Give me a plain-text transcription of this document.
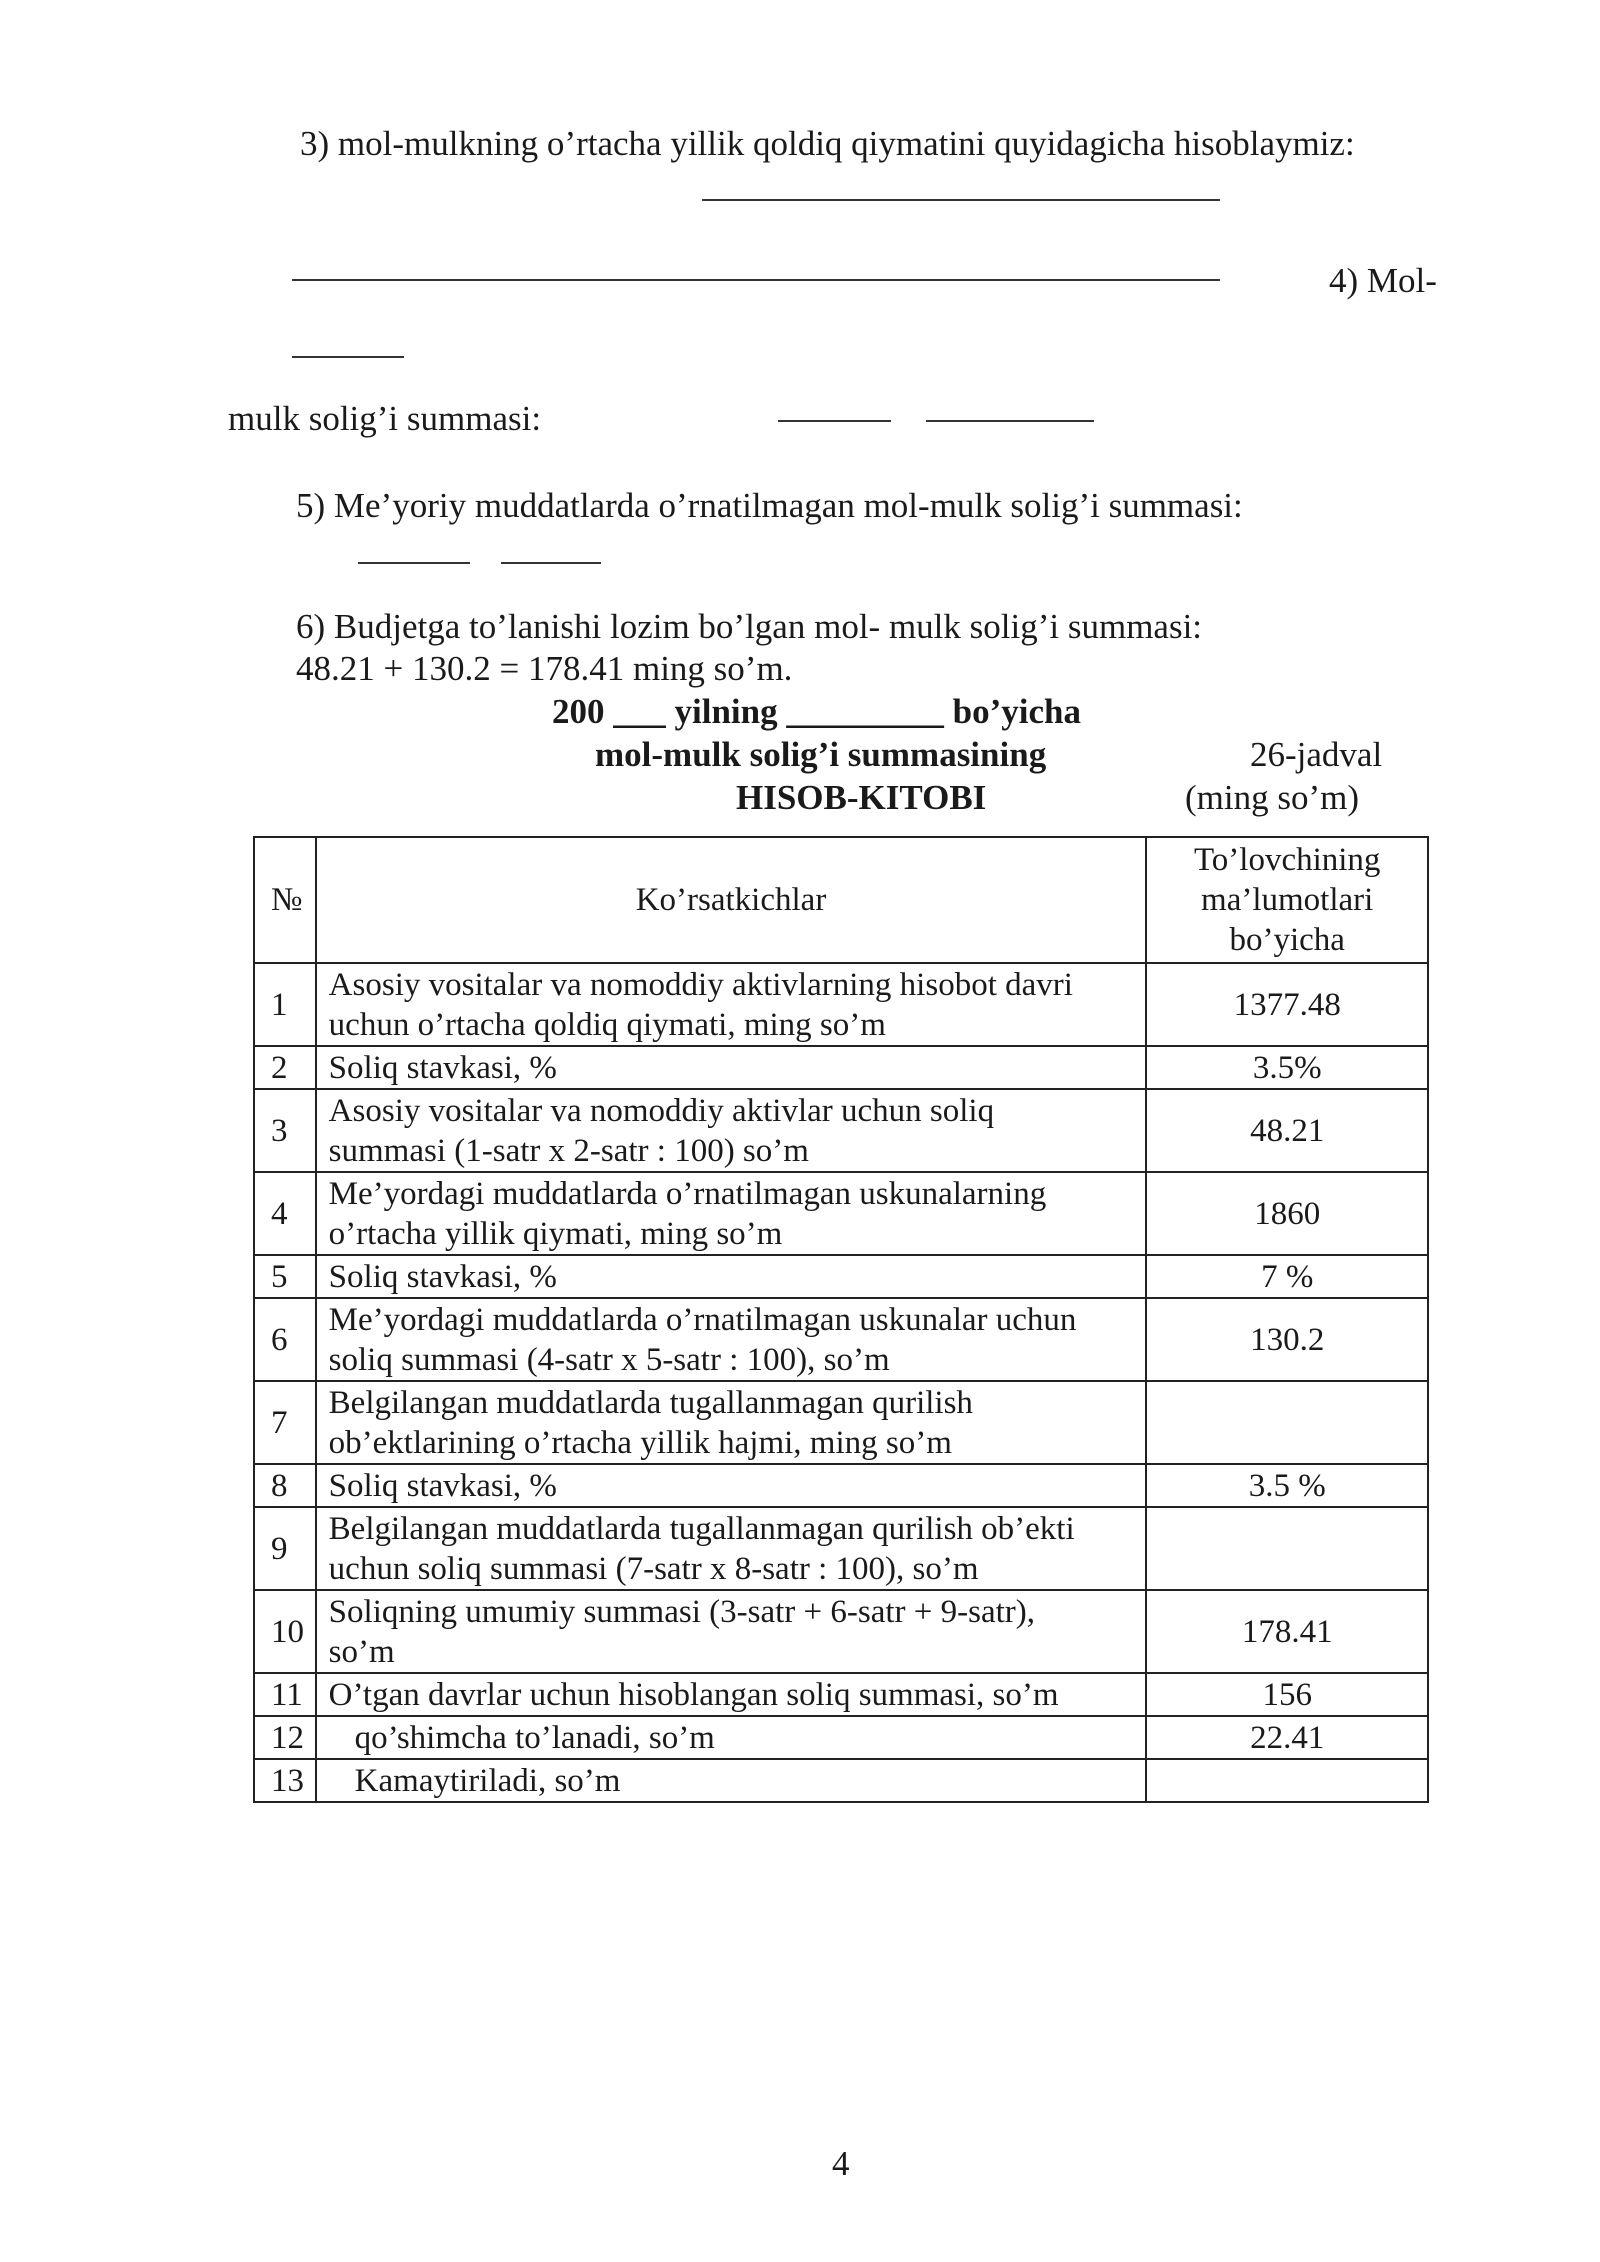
3) mol-mulkning o’rtacha yillik qoldiq qiymatini quyidagicha hisoblaymiz:
4) Mol-
mulk solig’i summasi:
5) Me’yoriy muddatlarda o’rnatilmagan mol-mulk solig’i summasi:
6) Budjetga to’lanishi lozim bo’lgan mol- mulk solig’i summasi:
48.21 + 130.2 = 178.41 ming so’m.
200 ___ yilning _________ bo’yicha
mol-mulk solig’i summasining
HISOB-KITOBI
26-jadval
(ming so’m)
№	Ko’rsatkichlar	To’lovchining
ma’lumotlari
bo’yicha

1	Asosiy vositalar va nomoddiy aktivlarning hisobot davri
uchun o’rtacha qoldiq qiymati, ming so’m	1377.48
2	Soliq stavkasi, %	3.5%
3	Asosiy vositalar va nomoddiy aktivlar uchun soliq
summasi (1-satr x 2-satr : 100) so’m	48.21
4	Me’yordagi muddatlarda o’rnatilmagan uskunalarning
o’rtacha yillik qiymati, ming so’m	1860
5	Soliq stavkasi, %	7 %
6	Me’yordagi muddatlarda o’rnatilmagan uskunalar uchun
soliq summasi (4-satr x 5-satr : 100), so’m	130.2
7	Belgilangan muddatlarda tugallanmagan qurilish
ob’ektlarining o’rtacha yillik hajmi, ming so’m	

8	Soliq stavkasi, %	3.5 %
9	Belgilangan muddatlarda tugallanmagan qurilish ob’ekti
uchun soliq summasi (7-satr x 8-satr : 100), so’m	

10	Soliqning umumiy summasi (3-satr + 6-satr + 9-satr),
so’m	178.41
11	O’tgan davrlar uchun hisoblangan soliq summasi, so’m	156
12	qo’shimcha to’lanadi, so’m	22.41
13	Kamaytiriladi, so’m	
4
